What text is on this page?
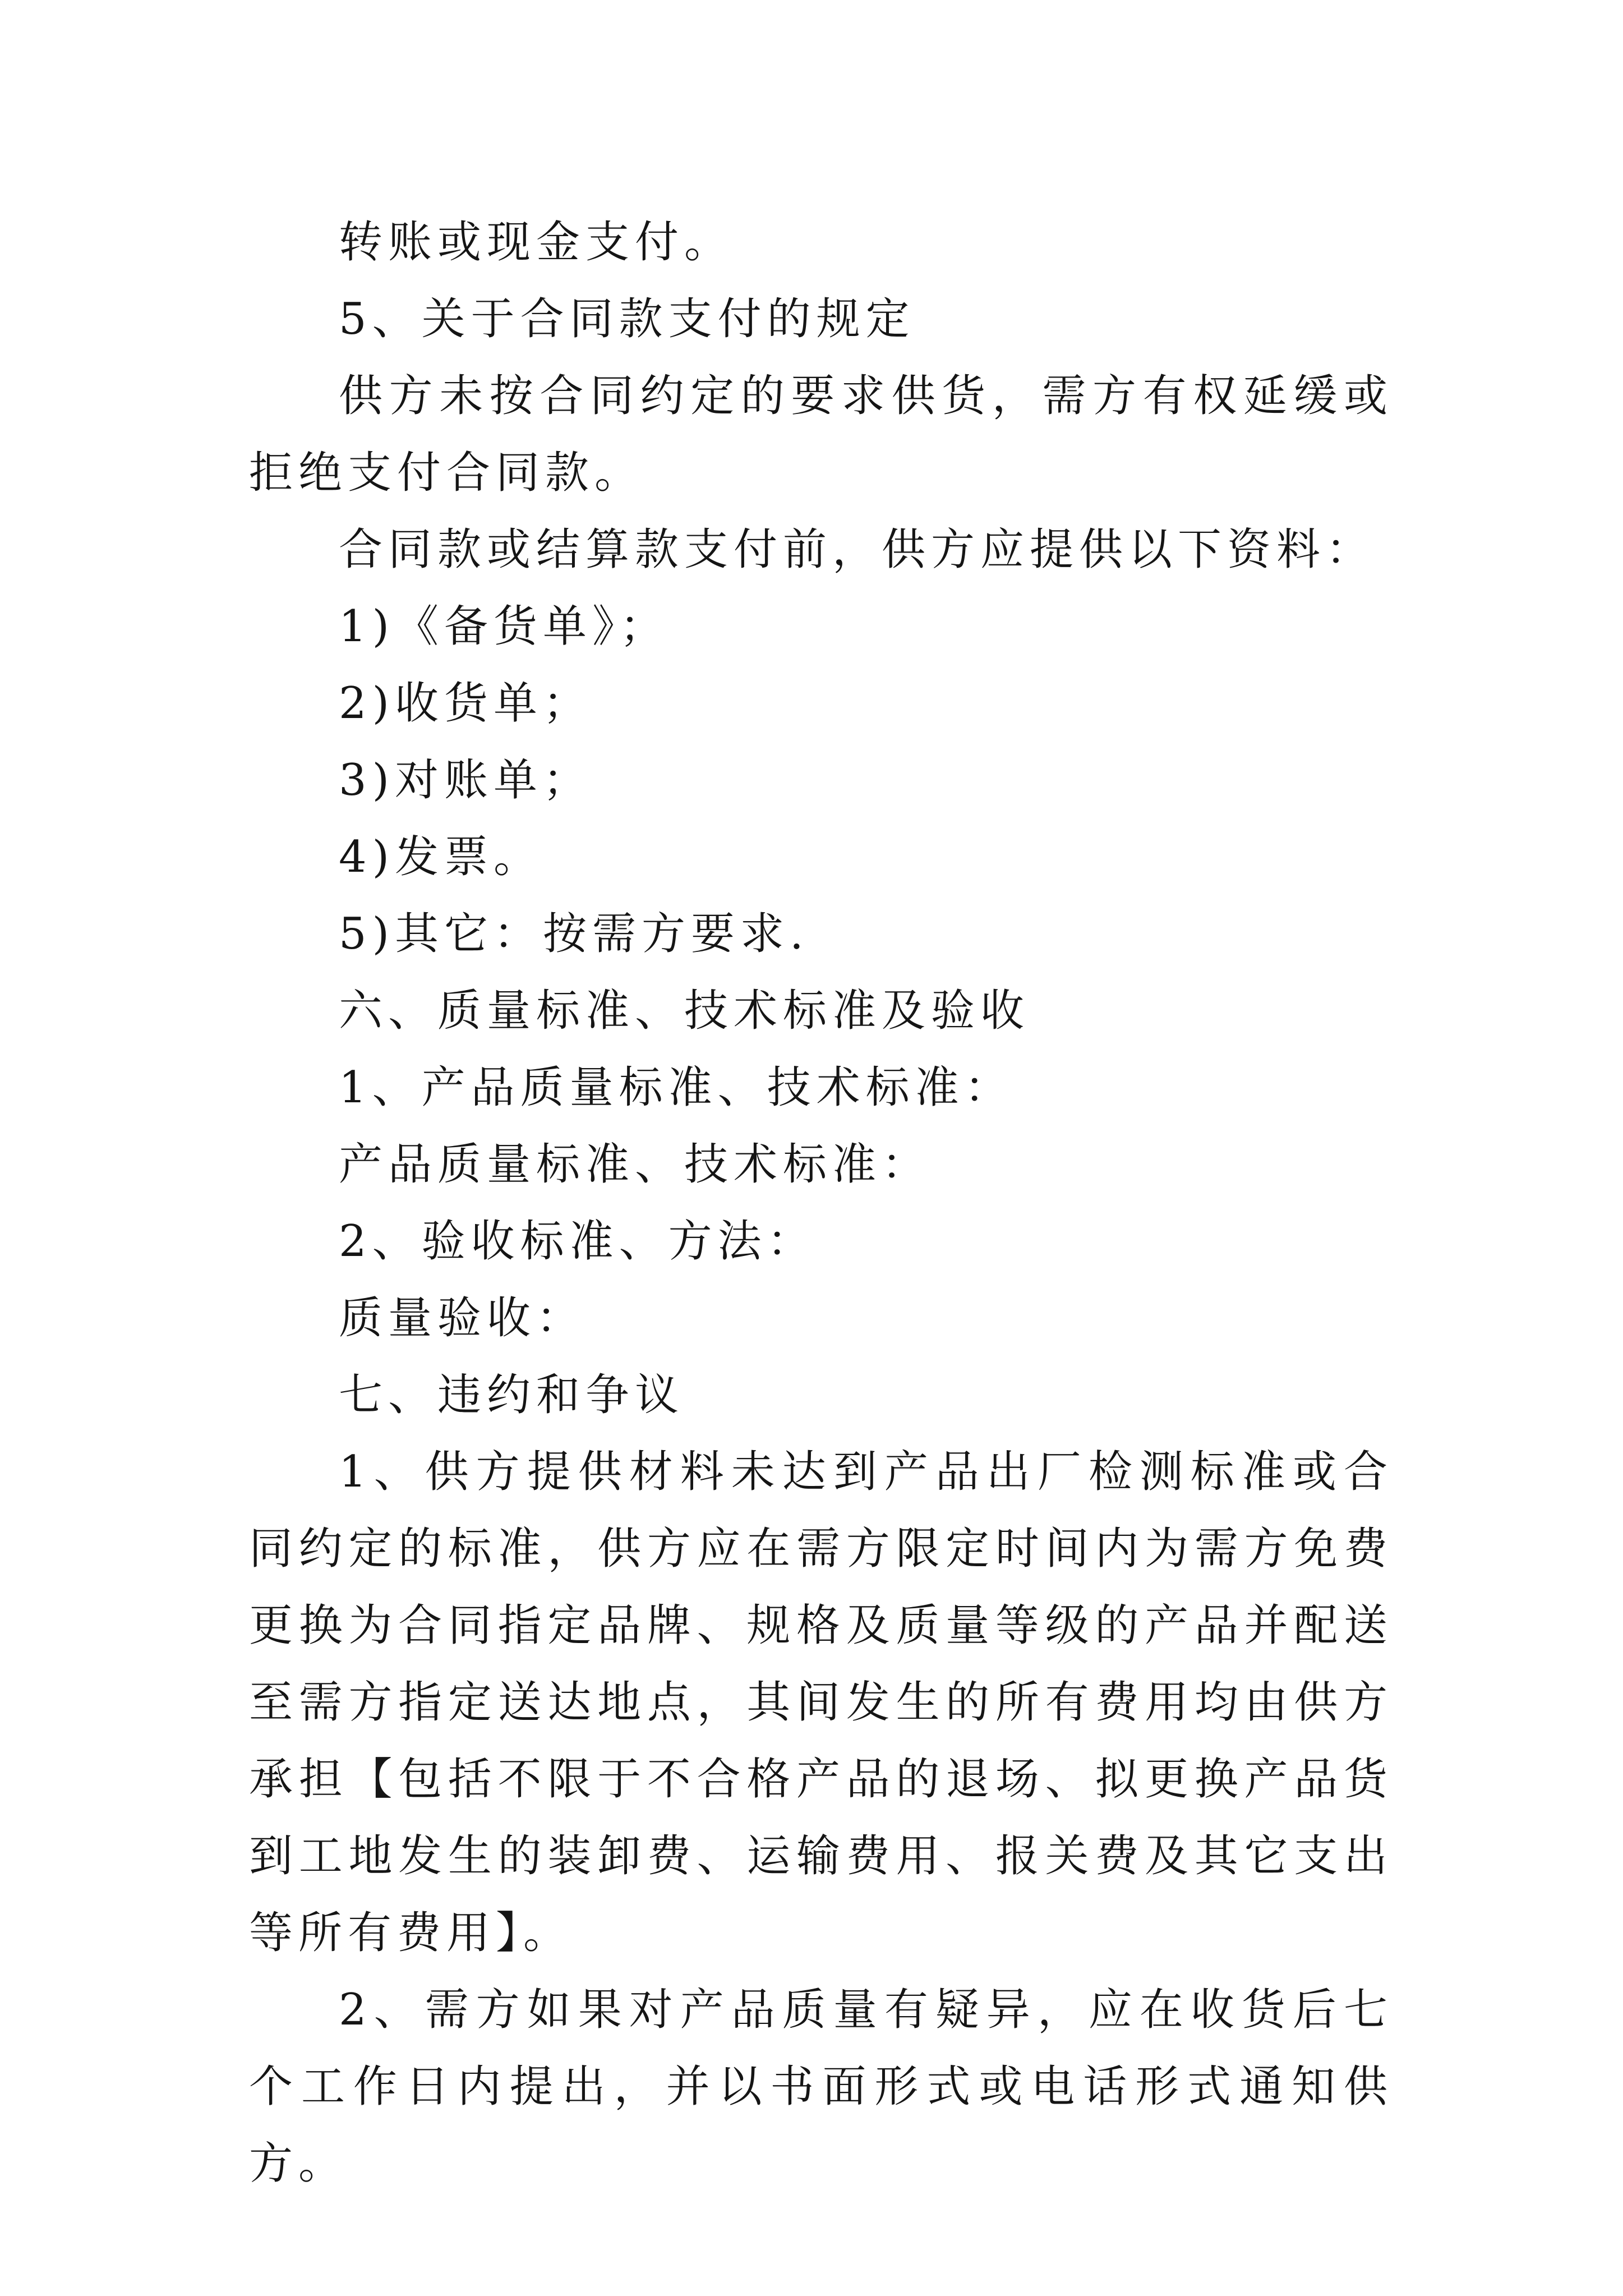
转账或现金支付。

5、关于合同款支付的规定

供方未按合同约定的要求供货，需方有权延缓或拒绝支付合同款。

合同款或结算款支付前，供方应提供以下资料：

1)《备货单》；

2)收货单；

3)对账单；

4)发票。

5)其它：按需方要求.

六、质量标准、技术标准及验收

1、产品质量标准、技术标准：

产品质量标准、技术标准：

2、验收标准、方法：

质量验收：

七、违约和争议

1、供方提供材料未达到产品出厂检测标准或合同约定的标准，供方应在需方限定时间内为需方免费更换为合同指定品牌、规格及质量等级的产品并配送至需方指定送达地点，其间发生的所有费用均由供方承担【包括不限于不合格产品的退场、拟更换产品货到工地发生的装卸费、运输费用、报关费及其它支出等所有费用】。

2、需方如果对产品质量有疑异，应在收货后七个工作日内提出，并以书面形式或电话形式通知供方。
